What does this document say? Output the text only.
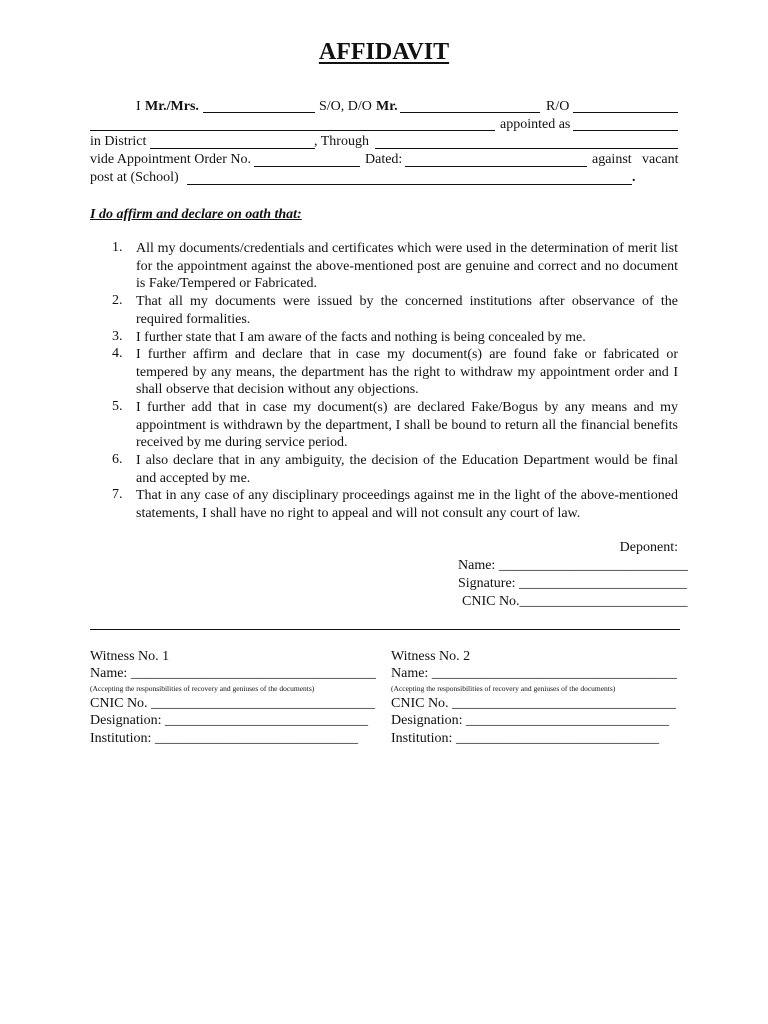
AFFIDAVIT
I Mr./Mrs.	S/O, D/O Mr.	R/O
appointed as
in District	, Through
vide Appointment Order No.	Dated:	against vacant
post at (School)	.
I do affirm and declare on oath that:
1. All my documents/credentials and certificates which were used in the determination of merit list for the appointment against the above-mentioned post are genuine and correct and no document is Fake/Tempered or Fabricated.
2. That all my documents were issued by the concerned institutions after observance of the required formalities.
3. I further state that I am aware of the facts and nothing is being concealed by me.
4. I further affirm and declare that in case my document(s) are found fake or fabricated or tempered by any means, the department has the right to withdraw my appointment order and I shall observe that decision without any objections.
5. I further add that in case my document(s) are declared Fake/Bogus by any means and my appointment is withdrawn by the department, I shall be bound to return all the financial benefits received by me during service period.
6. I also declare that in any ambiguity, the decision of the Education Department would be final and accepted by me.
7. That in any case of any disciplinary proceedings against me in the light of the above-mentioned statements, I shall have no right to appeal and will not consult any court of law.
Deponent:
Name: ___________________________
Signature: ________________________
CNIC No.________________________
Witness No. 1
Name: ___________________________________
(Accepting the responsibilities of recovery and geniuses of the documents)
CNIC No. ________________________________
Designation: _____________________________
Institution: _____________________________
Witness No. 2
Name: ___________________________________
(Accepting the responsibilities of recovery and geniuses of the documents)
CNIC No. ________________________________
Designation: _____________________________
Institution: _____________________________
